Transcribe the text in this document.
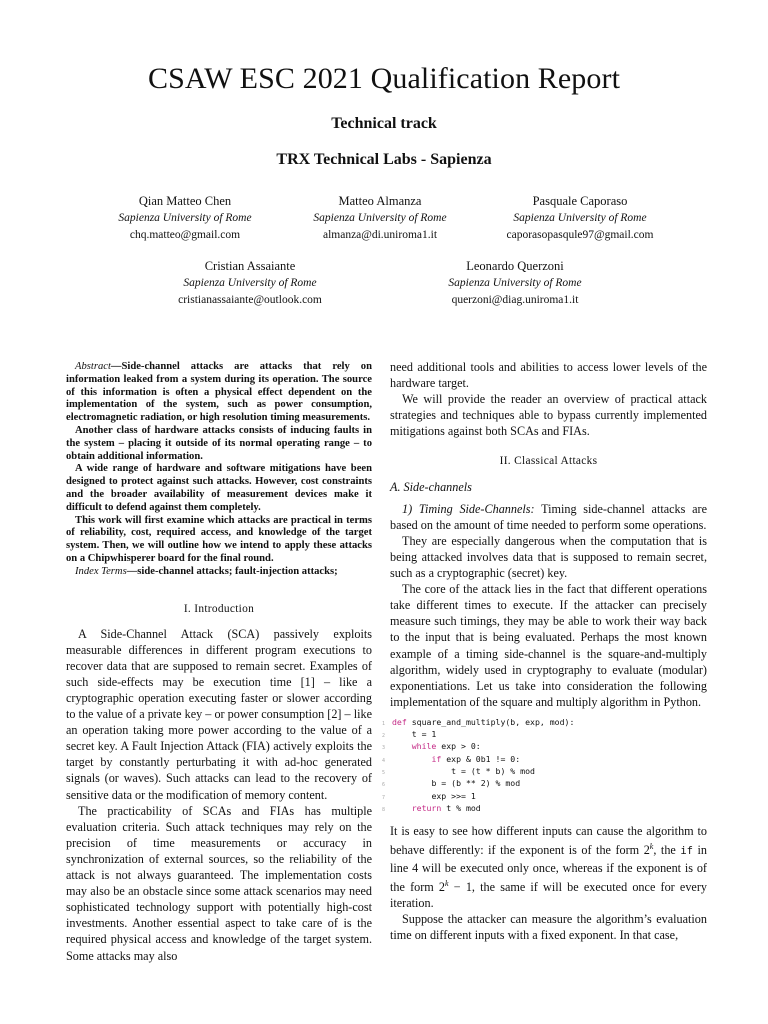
CSAW ESC 2021 Qualification Report
Technical track
TRX Technical Labs - Sapienza
Qian Matteo Chen
Sapienza University of Rome
chq.matteo@gmail.com
Matteo Almanza
Sapienza University of Rome
almanza@di.uniroma1.it
Pasquale Caporaso
Sapienza University of Rome
caporasopasqule97@gmail.com
Cristian Assaiante
Sapienza University of Rome
cristianassaiante@outlook.com
Leonardo Querzoni
Sapienza University of Rome
querzoni@diag.uniroma1.it

Abstract—Side-channel attacks are attacks that rely on information leaked from a system during its operation. The source of this information is often a physical effect dependent on the implementation of the system, such as power consumption, electromagnetic radiation, or high resolution timing measurements.

Another class of hardware attacks consists of inducing faults in the system – placing it outside of its normal operating range – to obtain additional information.

A wide range of hardware and software mitigations have been designed to protect against such attacks. However, cost constraints and the broader availability of measurement devices make it difficult to defend against them completely.

This work will first examine which attacks are practical in terms of reliability, cost, required access, and knowledge of the target system. Then, we will outline how we intend to apply these attacks on a Chipwhisperer board for the final round.

Index Terms—side-channel attacks; fault-injection attacks;

I. Introduction

A Side-Channel Attack (SCA) passively exploits measurable differences in different program executions to recover data that are supposed to remain secret. Examples of such side-effects may be execution time [1] – like a cryptographic operation executing faster or slower according to the value of a private key – or power consumption [2] – like an operation taking more power according to the value of a secret key. A Fault Injection Attack (FIA) actively exploits the target by constantly perturbating it with ad-hoc generated signals (or waves). Such attacks can lead to the recovery of sensitive data or the modification of memory content.

The practicability of SCAs and FIAs has multiple evaluation criteria. Such attack techniques may rely on the precision of time measurements or accuracy in synchronization of external sources, so the reliability of the attack is not always guaranteed. The implementation costs may also be an obstacle since some attack scenarios may need sophisticated technology support with potentially high-cost investments. Another essential aspect to take care of is the required physical access and knowledge of the target system. Some attacks may also

need additional tools and abilities to access lower levels of the hardware target.

We will provide the reader an overview of practical attack strategies and techniques able to bypass currently implemented mitigations against both SCAs and FIAs.

II. Classical Attacks

A. Side-channels

1) Timing Side-Channels: Timing side-channel attacks are based on the amount of time needed to perform some operations.

They are especially dangerous when the computation that is being attacked involves data that is supposed to remain secret, such as a cryptographic (secret) key.

The core of the attack lies in the fact that different operations take different times to execute. If the attacker can precisely measure such timings, they may be able to work their way back to the input that is being evaluated. Perhaps the most known example of a timing side-channel is the square-and-multiply algorithm, widely used in cryptography to evaluate (modular) exponentiations. Let us take into consideration the following implementation of the square and multiply algorithm in Python.

1 def square_and_multiply(b, exp, mod):
2	t = 1
3	while exp > 0:
4	if exp & 0b1 != 0:
5	t = (t * b) % mod
6	b = (b ** 2) % mod
7	exp >>= 1
8	return t % mod

It is easy to see how different inputs can cause the algorithm to behave differently: if the exponent is of the form 2$^k$, the if in line 4 will be executed only once, whereas if the exponent is of the form $2^k - 1$, the same if will be executed once for every iteration.

Suppose the attacker can measure the algorithm’s evaluation time on different inputs with a fixed exponent. In that case,
